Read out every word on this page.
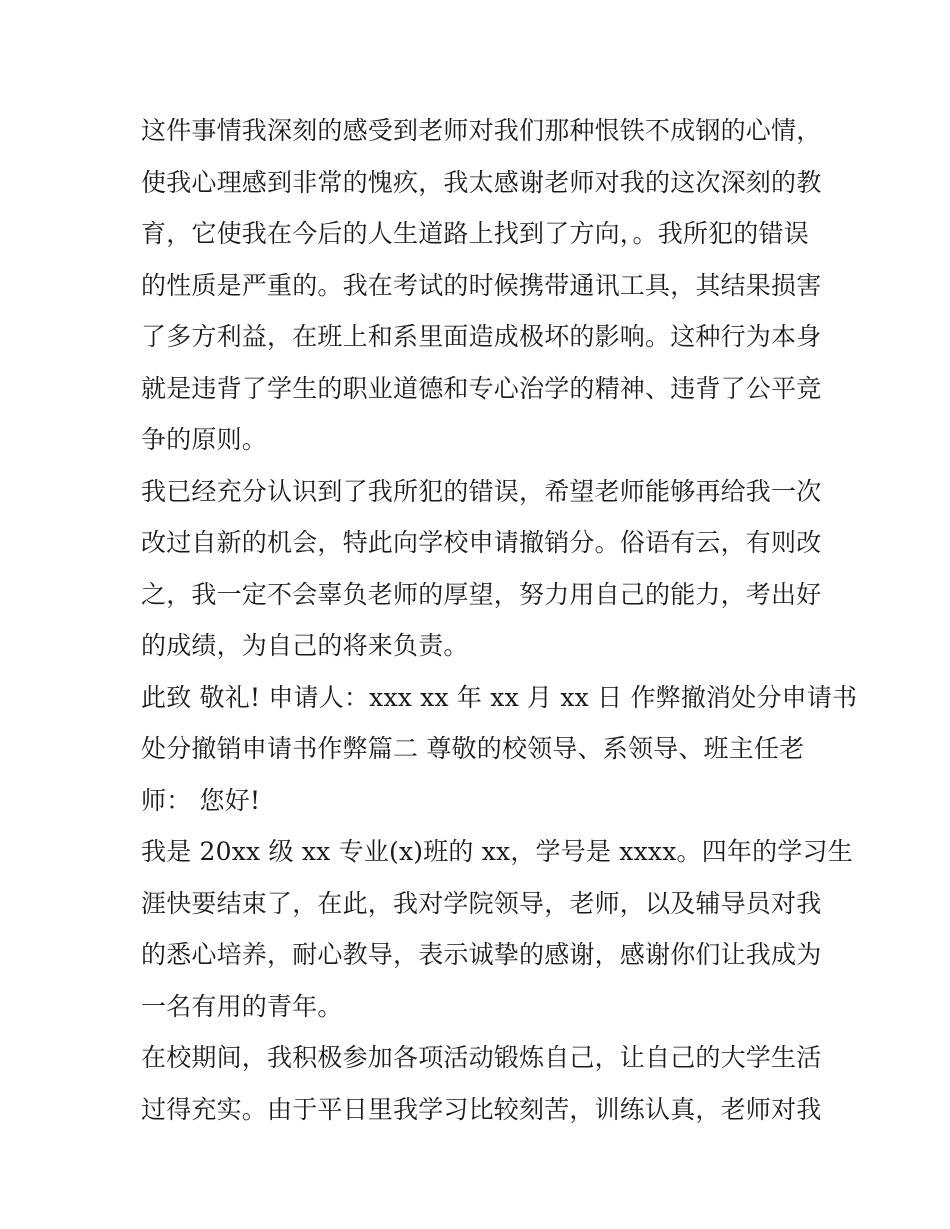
这件事情我深刻的感受到老师对我们那种恨铁不成钢的心情，
使我心理感到非常的愧疚，我太感谢老师对我的这次深刻的教
育，它使我在今后的人生道路上找到了方向，。我所犯的错误
的性质是严重的。我在考试的时候携带通讯工具，其结果损害
了多方利益，在班上和系里面造成极坏的影响。这种行为本身
就是违背了学生的职业道德和专心治学的精神、违背了公平竞
争的原则。
我已经充分认识到了我所犯的错误，希望老师能够再给我一次
改过自新的机会，特此向学校申请撤销分。俗语有云，有则改
之，我一定不会辜负老师的厚望，努力用自己的能力，考出好
的成绩，为自己的将来负责。
此致 敬礼! 申请人：xxx xx 年 xx 月 xx 日 作弊撤消处分申请书
处分撤销申请书作弊篇二 尊敬的校领导、系领导、班主任老
师： 您好!
我是 20xx 级 xx 专业(x)班的 xx，学号是 xxxx。四年的学习生
涯快要结束了，在此，我对学院领导，老师，以及辅导员对我
的悉心培养，耐心教导，表示诚挚的感谢，感谢你们让我成为
一名有用的青年。
在校期间，我积极参加各项活动锻炼自己，让自己的大学生活
过得充实。由于平日里我学习比较刻苦，训练认真，老师对我
